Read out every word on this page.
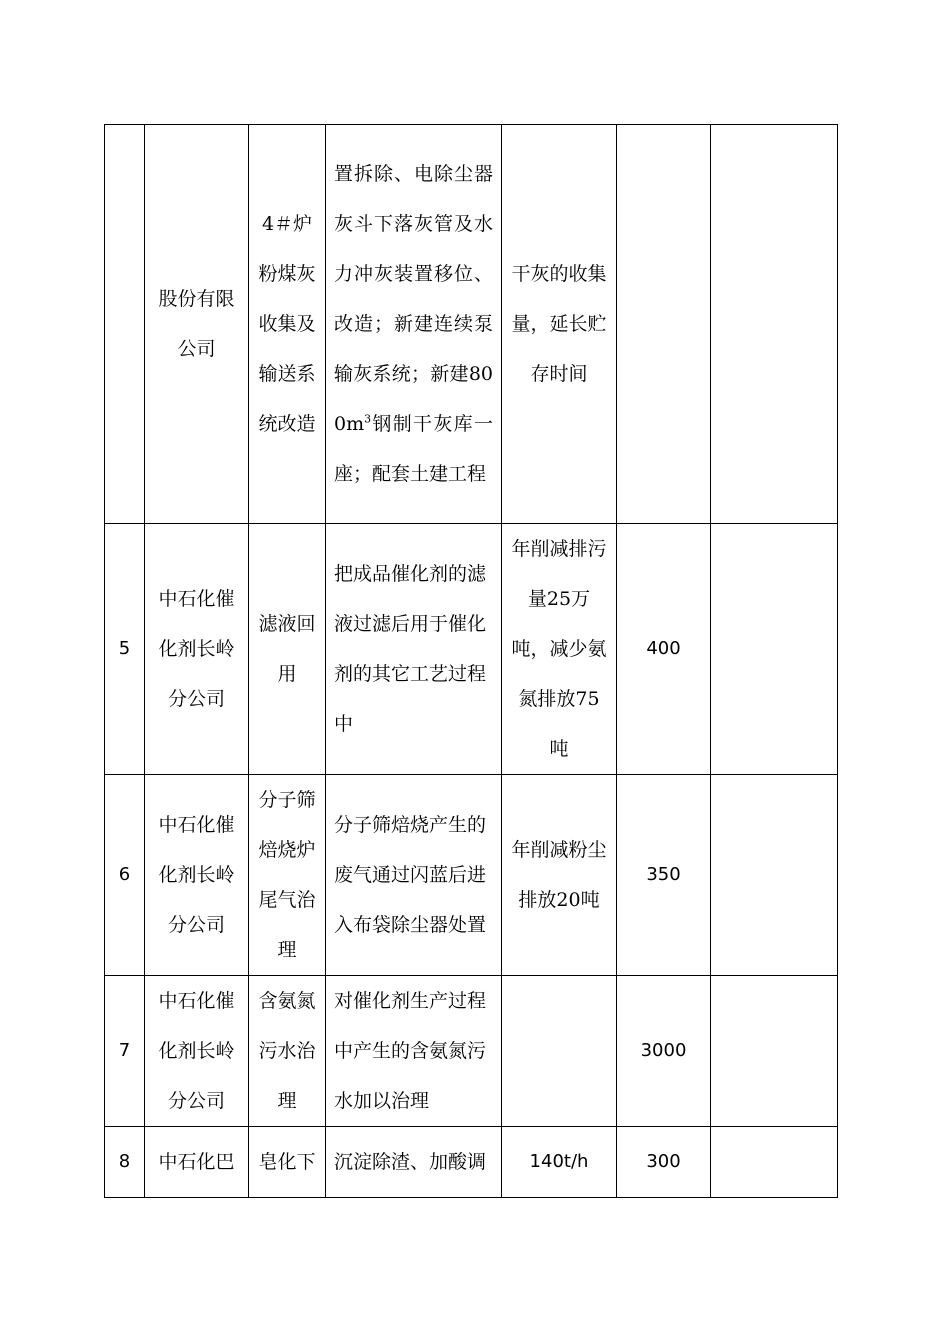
	股份有限公司	4＃炉粉煤灰收集及输送系统改造	置拆除、电除尘器灰斗下落灰管及水力冲灰装置移位、改造；新建连续泵输灰系统；新建$800m^3$钢制干灰库一座；配套土建工程	干灰的收集量，延长贮存时间		

5	中石化催化剂长岭分公司	滤液回用	把成品催化剂的滤液过滤后用于催化剂的其它工艺过程中	年削减排污量25万吨，减少氨氮排放75吨	400	
6	中石化催化剂长岭分公司	分子筛焙烧炉尾气治理	分子筛焙烧产生的废气通过闪蓝后进入布袋除尘器处置	年削减粉尘排放20吨	350	
7	中石化催化剂长岭分公司	含氨氮污水治理	对催化剂生产过程中产生的含氨氮污水加以治理		3000	
8	中石化巴	皂化下	沉淀除渣、加酸调	140t/h	300	
